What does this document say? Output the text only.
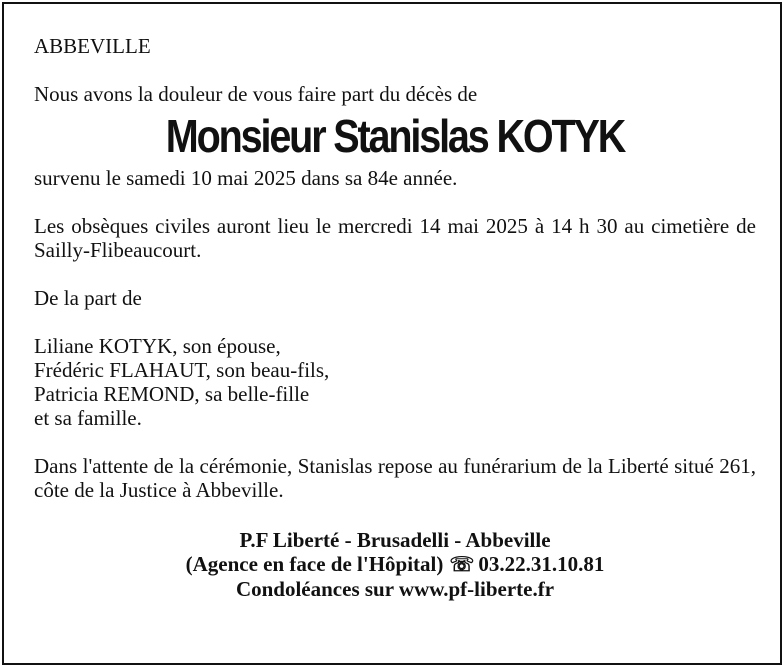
ABBEVILLE

Nous avons la douleur de vous faire part du décès de

Monsieur Stanislas KOTYK

survenu le samedi 10 mai 2025 dans sa 84e année.

Les obsèques civiles auront lieu le mercredi 14 mai 2025 à 14 h 30 au cimetière de Sailly-Flibeaucourt.

De la part de

Liliane KOTYK, son épouse,

Frédéric FLAHAUT, son beau-fils,

Patricia REMOND, sa belle-fille

et sa famille.

Dans l'attente de la cérémonie, Stanislas repose au funérarium de la Liberté situé 261, côte de la Justice à Abbeville.

P.F Liberté - Brusadelli - Abbeville

(Agence en face de l'Hôpital) ☏ 03.22.31.10.81

Condoléances sur www.pf-liberte.fr
